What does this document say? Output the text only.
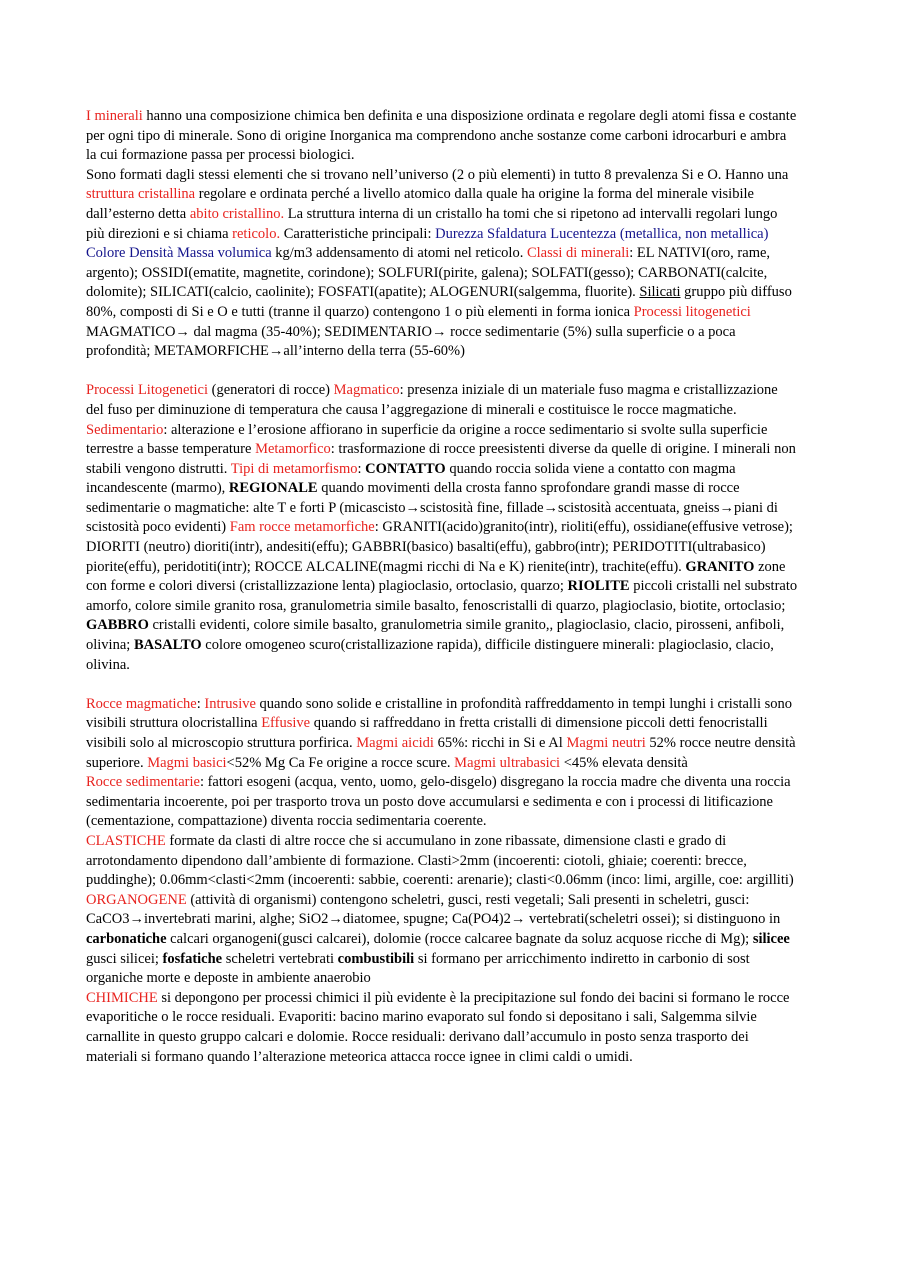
I minerali hanno una composizione chimica ben definita e una disposizione ordinata e regolare degli atomi fissa e costante per ogni tipo di minerale. Sono di origine Inorganica ma comprendono anche sostanze come carboni idrocarburi e ambra la cui formazione passa per processi biologici.

Sono formati dagli stessi elementi che si trovano nell’universo (2 o più elementi) in tutto 8 prevalenza Si e O. Hanno una struttura cristallina regolare e ordinata perché a livello atomico dalla quale ha origine la forma del minerale visibile dall’esterno detta abito cristallino. La struttura interna di un cristallo ha tomi che si ripetono ad intervalli regolari lungo più direzioni e si chiama reticolo. Caratteristiche principali: Durezza Sfaldatura Lucentezza (metallica, non metallica) Colore Densità Massa volumica kg/m3 addensamento di atomi nel reticolo. Classi di minerali: EL NATIVI(oro, rame, argento); OSSIDI(ematite, magnetite, corindone); SOLFURI(pirite, galena); SOLFATI(gesso); CARBONATI(calcite, dolomite); SILICATI(calcio, caolinite); FOSFATI(apatite); ALOGENURI(salgemma, fluorite). Silicati gruppo più diffuso 80%, composti di Si e O e tutti (tranne il quarzo) contengono 1 o più elementi in forma ionica Processi litogenetici MAGMATICO→ dal magma (35-40%); SEDIMENTARIO→ rocce sedimentarie (5%) sulla superficie o a poca profondità; METAMORFICHE→all’interno della terra (55-60%)

Processi Litogenetici (generatori di rocce) Magmatico: presenza iniziale di un materiale fuso magma e cristallizzazione del fuso per diminuzione di temperatura che causa l’aggregazione di minerali e costituisce le rocce magmatiche. Sedimentario: alterazione e l’erosione affiorano in superficie da origine a rocce sedimentario si svolte sulla superficie terrestre a basse temperature Metamorfico: trasformazione di rocce preesistenti diverse da quelle di origine. I minerali non stabili vengono distrutti. Tipi di metamorfismo: CONTATTO quando roccia solida viene a contatto con magma incandescente (marmo), REGIONALE quando movimenti della crosta fanno sprofondare grandi masse di rocce sedimentarie o magmatiche: alte T e forti P (micascisto→scistosità fine, fillade→scistosità accentuata, gneiss→piani di scistosità poco evidenti) Fam rocce metamorfiche: GRANITI(acido)granito(intr), rioliti(effu), ossidiane(effusive vetrose); DIORITI (neutro) dioriti(intr), andesiti(effu); GABBRI(basico) basalti(effu), gabbro(intr); PERIDOTITI(ultrabasico) piorite(effu), peridotiti(intr); ROCCE ALCALINE(magmi ricchi di Na e K) rienite(intr), trachite(effu). GRANITO zone con forme e colori diversi (cristallizzazione lenta) plagioclasio, ortoclasio, quarzo; RIOLITE piccoli cristalli nel substrato amorfo, colore simile granito rosa, granulometria simile basalto, fenoscristalli di quarzo, plagioclasio, biotite, ortoclasio; GABBRO cristalli evidenti, colore simile basalto, granulometria simile granito,, plagioclasio, clacio, pirosseni, anfiboli, olivina; BASALTO colore omogeneo scuro(cristallizazione rapida), difficile distinguere minerali: plagioclasio, clacio, olivina.

Rocce magmatiche: Intrusive quando sono solide e cristalline in profondità raffreddamento in tempi lunghi i cristalli sono visibili struttura olocristallina Effusive quando si raffreddano in fretta cristalli di dimensione piccoli detti fenocristalli visibili solo al microscopio struttura porfirica. Magmi aicidi 65%: ricchi in Si e Al Magmi neutri 52% rocce neutre densità superiore. Magmi basici<52% Mg Ca Fe origine a rocce scure. Magmi ultrabasici <45% elevata densità

Rocce sedimentarie: fattori esogeni (acqua, vento, uomo, gelo-disgelo) disgregano la roccia madre che diventa una roccia sedimentaria incoerente, poi per trasporto trova un posto dove accumularsi e sedimenta e con i processi di litificazione (cementazione, compattazione) diventa roccia sedimentaria coerente.

CLASTICHE formate da clasti di altre rocce che si accumulano in zone ribassate, dimensione clasti e grado di arrotondamento dipendono dall’ambiente di formazione. Clasti>2mm (incoerenti: ciotoli, ghiaie; coerenti: brecce, puddinghe); 0.06mm<clasti<2mm (incoerenti: sabbie, coerenti: arenarie); clasti<0.06mm (inco: limi, argille, coe: argilliti)

ORGANOGENE (attività di organismi) contengono scheletri, gusci, resti vegetali; Sali presenti in scheletri, gusci: CaCO3→invertebrati marini, alghe; SiO2→diatomee, spugne; Ca(PO4)2→ vertebrati(scheletri ossei); si distinguono in carbonatiche calcari organogeni(gusci calcarei), dolomie (rocce calcaree bagnate da soluz acquose ricche di Mg); silicee gusci silicei; fosfatiche scheletri vertebrati combustibili si formano per arricchimento indiretto in carbonio di sost organiche morte e deposte in ambiente anaerobio

CHIMICHE si depongono per processi chimici il più evidente è la precipitazione sul fondo dei bacini si formano le rocce evaporitiche o le rocce residuali. Evaporiti: bacino marino evaporato sul fondo si depositano i sali, Salgemma silvie carnallite in questo gruppo calcari e dolomie. Rocce residuali: derivano dall’accumulo in posto senza trasporto dei materiali si formano quando l’alterazione meteorica attacca rocce ignee in climi caldi o umidi.
